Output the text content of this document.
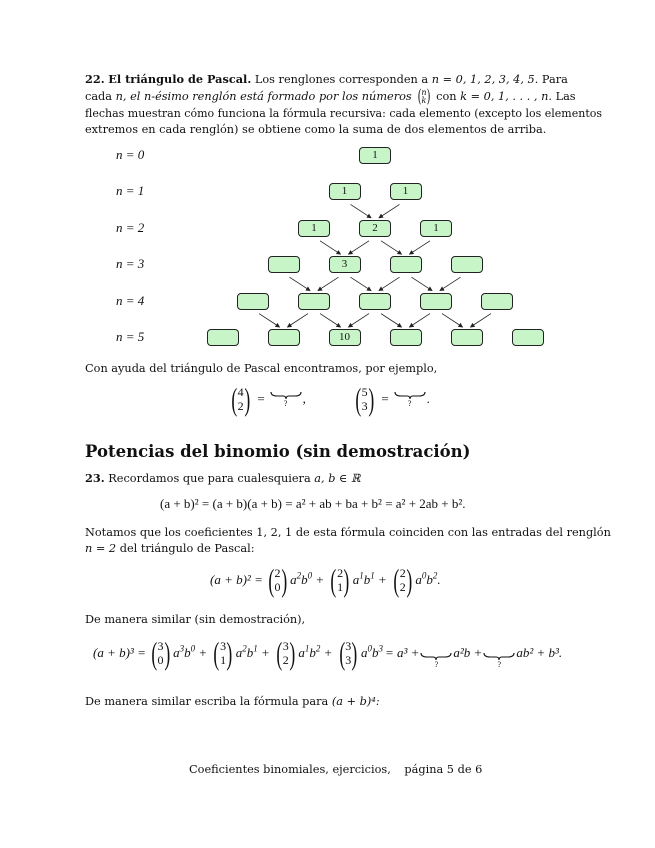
22. El triángulo de Pascal. Los renglones corresponden a n = 0, 1, 2, 3, 4, 5. Para
cada n, el n-ésimo renglón está formado por los números ( n
k ) con k = 0, 1, . . . , n. Las
flechas muestran cómo funciona la fórmula recursiva: cada elemento (excepto los elementos
extremos en cada renglón) se obtiene como la suma de dos elementos de arriba.
n = 0	1
n = 1	1	1
n = 2	1	2	1
n = 3	3
n = 4
n = 5	10
Con ayuda del triángulo de Pascal encontramos, por ejemplo,
( 4
2 ) =	?	, ( 5
3 ) =	?	.
Potencias del binomio (sin demostración)
23. Recordamos que para cualesquiera a, b ∈ ℝ
(a + b)² = (a + b)(a + b) = a² + ab + ba + b² = a² + 2ab + b².
Notamos que los coeficientes 1, 2, 1 de esta fórmula coinciden con las entradas del renglón
n = 2 del triángulo de Pascal:
(a + b)² = ( 2
0 ) $a^2b^0$ + ( 2
1 ) $a^1b^1$ + ( 2
2 ) $a^0b^2$.
De manera similar (sin demostración),
(a + b)³ = ( 3
0 ) $a^3b^0$ + ( 3
1 ) $a^2b^1$ + ( 3
2 ) $a^1b^2$ + ( 3
3 ) $a^0b^3 = a^3$ +
?
a²b +
?
ab² + b³.
De manera similar escriba la fórmula para (a + b)⁴:
Coeficientes binomiales, ejercicios, página 5 de 6
